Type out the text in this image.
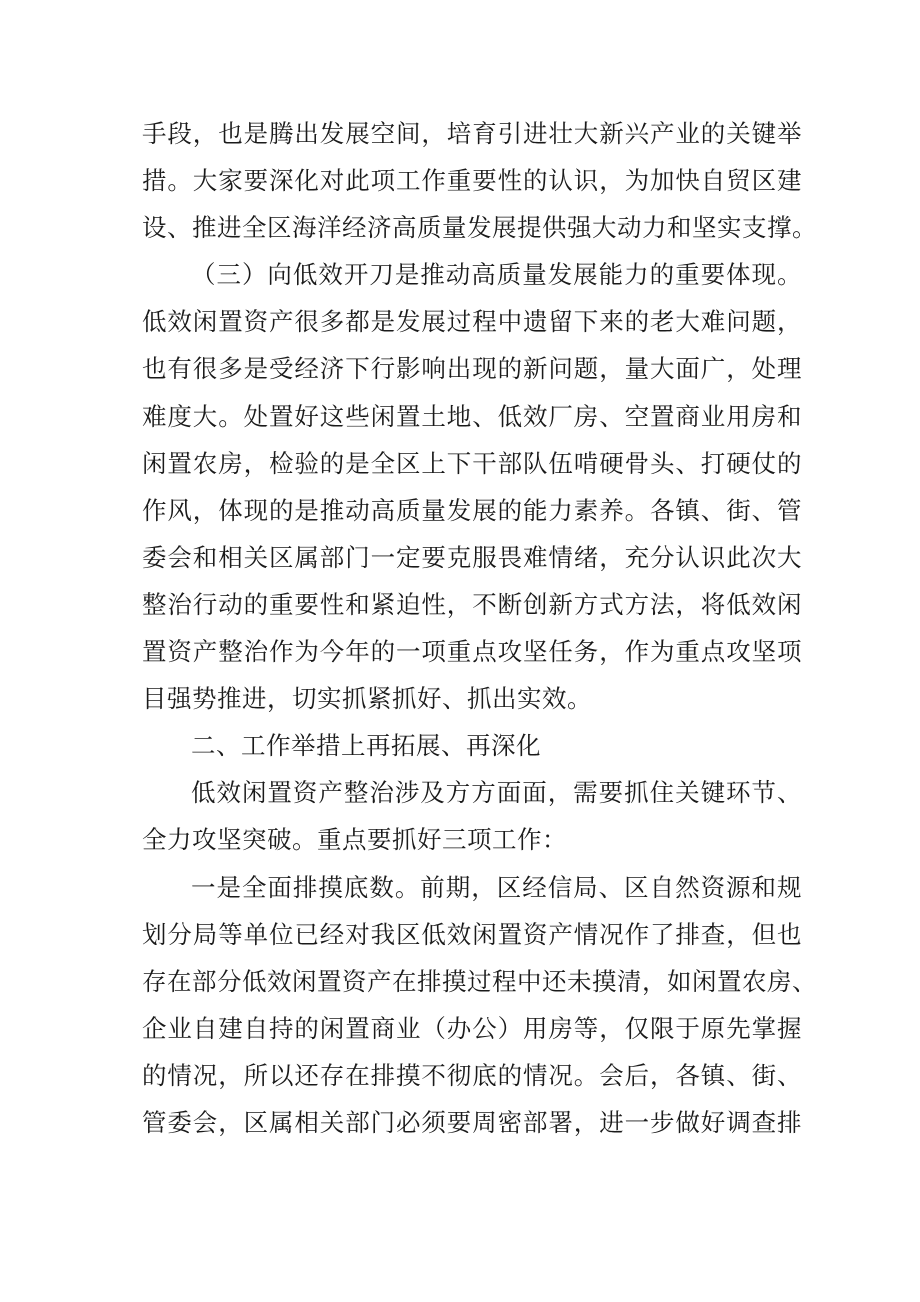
手段，也是腾出发展空间，培育引进壮大新兴产业的关键举
措。大家要深化对此项工作重要性的认识，为加快自贸区建
设、推进全区海洋经济高质量发展提供强大动力和坚实支撑。
（三）向低效开刀是推动高质量发展能力的重要体现。
低效闲置资产很多都是发展过程中遗留下来的老大难问题，
也有很多是受经济下行影响出现的新问题，量大面广，处理
难度大。处置好这些闲置土地、低效厂房、空置商业用房和
闲置农房，检验的是全区上下干部队伍啃硬骨头、打硬仗的
作风，体现的是推动高质量发展的能力素养。各镇、街、管
委会和相关区属部门一定要克服畏难情绪，充分认识此次大
整治行动的重要性和紧迫性，不断创新方式方法，将低效闲
置资产整治作为今年的一项重点攻坚任务，作为重点攻坚项
目强势推进，切实抓紧抓好、抓出实效。
二、工作举措上再拓展、再深化
低效闲置资产整治涉及方方面面，需要抓住关键环节、
全力攻坚突破。重点要抓好三项工作：
一是全面排摸底数。前期，区经信局、区自然资源和规
划分局等单位已经对我区低效闲置资产情况作了排查，但也
存在部分低效闲置资产在排摸过程中还未摸清，如闲置农房、
企业自建自持的闲置商业（办公）用房等，仅限于原先掌握
的情况，所以还存在排摸不彻底的情况。会后，各镇、街、
管委会，区属相关部门必须要周密部署，进一步做好调查排
